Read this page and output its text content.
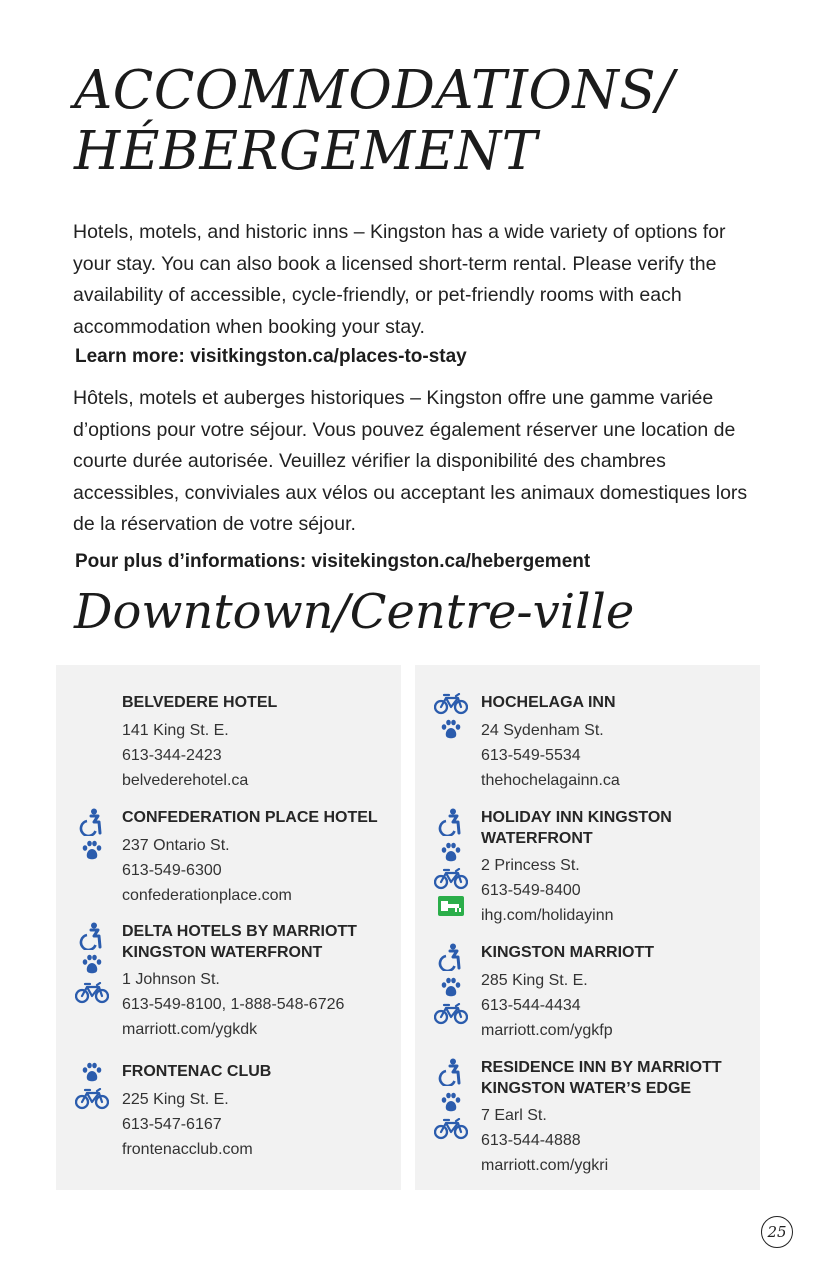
ACCOMMODATIONS/
HÉBERGEMENT

Hotels, motels, and historic inns – Kingston has a wide variety of options for your stay. You can also book a licensed short-term rental. Please verify the availability of accessible, cycle-friendly, or pet-friendly rooms with each accommodation when booking your stay.

Learn more: visitkingston.ca/places-to-stay

Hôtels, motels et auberges historiques – Kingston offre une gamme variée d’options pour votre séjour. Vous pouvez également réserver une location de courte durée autorisée. Veuillez vérifier la disponibilité des chambres accessibles, conviviales aux vélos ou acceptant les animaux domestiques lors de la réservation de votre séjour.

Pour plus d’informations: visitekingston.ca/hebergement

Downtown/Centre-ville

BELVEDERE HOTEL

141 King St. E.

613-344-2423

belvederehotel.ca

CONFEDERATION PLACE HOTEL

237 Ontario St.

613-549-6300

confederationplace.com

DELTA HOTELS BY MARRIOTT KINGSTON WATERFRONT

1 Johnson St.

613-549-8100, 1-888-548-6726

marriott.com/ygkdk

FRONTENAC CLUB

225 King St. E.

613-547-6167

frontenacclub.com

HOCHELAGA INN

24 Sydenham St.

613-549-5534

thehochelagainn.ca

HOLIDAY INN KINGSTON WATERFRONT

2 Princess St.

613-549-8400

ihg.com/holidayinn

KINGSTON MARRIOTT

285 King St. E.

613-544-4434

marriott.com/ygkfp

RESIDENCE INN BY MARRIOTT KINGSTON WATER’S EDGE

7 Earl St.

613-544-4888

marriott.com/ygkri

25
